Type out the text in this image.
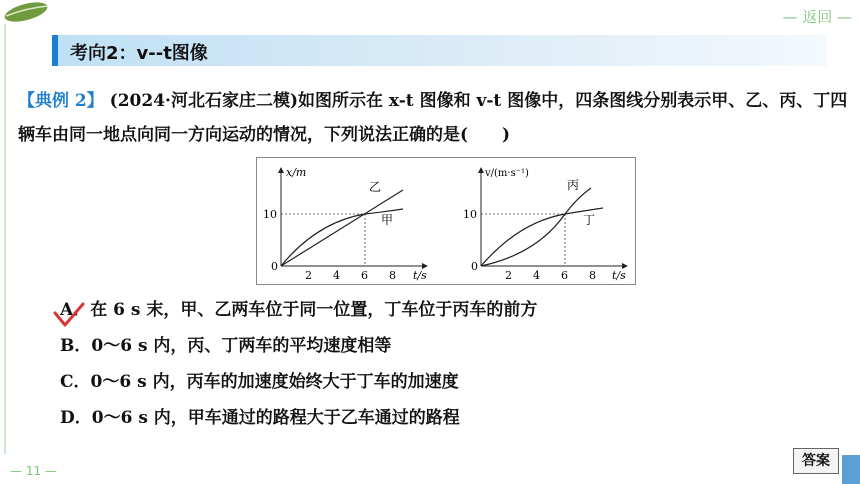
— 返回 —
考向2：v--t图像
【典例 2】 (2024·河北石家庄二模)如图所示在 x-t 图像和 v-t 图像中，四条图线分别表示甲、乙、丙、丁四辆车由同一地点向同一方向运动的情况，下列说法正确的是(　　)
x/m
t/s
0
10
2 4 6 8
乙
甲
v/(m·s⁻¹)
t/s
0
10
2 4 6 8
丙
丁
A．在 6 s 末，甲、乙两车位于同一位置，丁车位于丙车的前方
B．0～6 s 内，丙、丁两车的平均速度相等
C．0～6 s 内，丙车的加速度始终大于丁车的加速度
D．0～6 s 内，甲车通过的路程大于乙车通过的路程
— 11 —
答案
